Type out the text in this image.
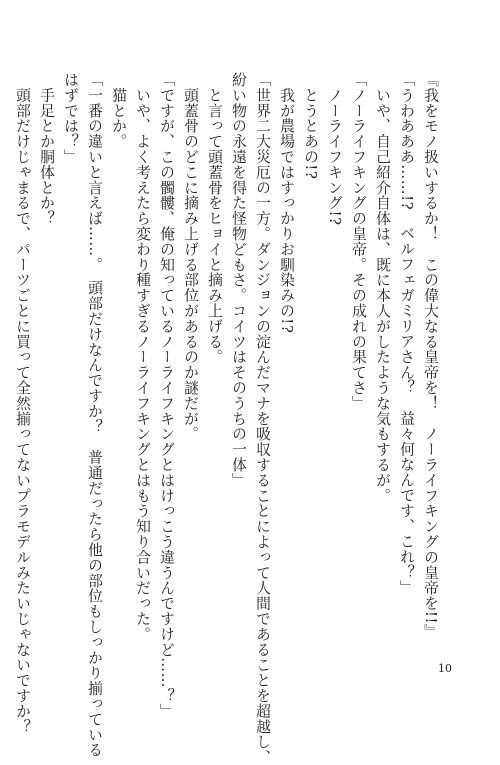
『我をモノ扱いするか！　この偉大なる皇帝を！　ノーライフキングの皇帝を!!』
「うわあああ……!?　ベルフェガミリアさん？　益々何なんです、これ？」
　いや、自己紹介自体は、既に本人がしたような気もするが。
「ノーライフキングの皇帝。その成れの果てさ」
　ノーライフキング!?
　とうとあの!?
　我が農場ではすっかりお馴染みの!?
「世界二大災厄の一方。ダンジョンの淀んだマナを吸収することによって人間であることを超越し、
紛い物の永遠を得た怪物どもさ。コイツはそのうちの一体」
　と言って頭蓋骨をヒョイと摘み上げる。
　頭蓋骨のどこに摘み上げる部位があるのか謎だが。
「ですが、この髑髏、俺の知っているノーライフキングとはけっこう違うんですけど……？」
　いや、よく考えたら変わり種すぎるノーライフキングとはもう知り合いだった。
　猫とか。
「一番の違いと言えば……。　頭部だけなんですか？　普通だったら他の部位もしっかり揃っている
はずでは？」
　手足とか胴体とか？
　頭部だけじゃまるで、パーツごとに買って全然揃ってないプラモデルみたいじゃないですか？	10
